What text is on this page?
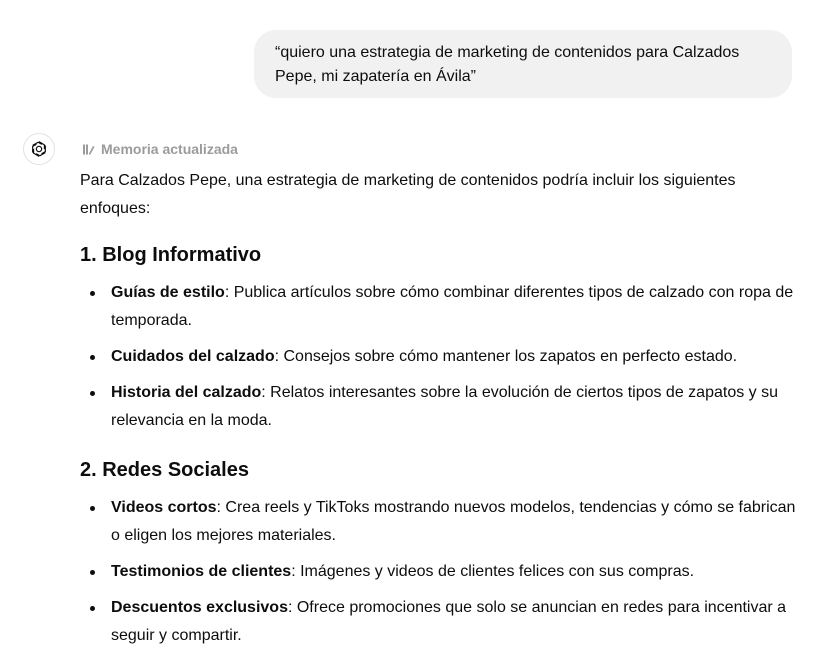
“quiero una estrategia de marketing de contenidos para Calzados Pepe, mi zapatería en Ávila”
Memoria actualizada

Para Calzados Pepe, una estrategia de marketing de contenidos podría incluir los siguientes enfoques:

1. Blog Informativo
Guías de estilo: Publica artículos sobre cómo combinar diferentes tipos de calzado con ropa de temporada.
Cuidados del calzado: Consejos sobre cómo mantener los zapatos en perfecto estado.
Historia del calzado: Relatos interesantes sobre la evolución de ciertos tipos de zapatos y su relevancia en la moda.
2. Redes Sociales
Videos cortos: Crea reels y TikToks mostrando nuevos modelos, tendencias y cómo se fabrican o eligen los mejores materiales.
Testimonios de clientes: Imágenes y videos de clientes felices con sus compras.
Descuentos exclusivos: Ofrece promociones que solo se anuncian en redes para incentivar a seguir y compartir.
